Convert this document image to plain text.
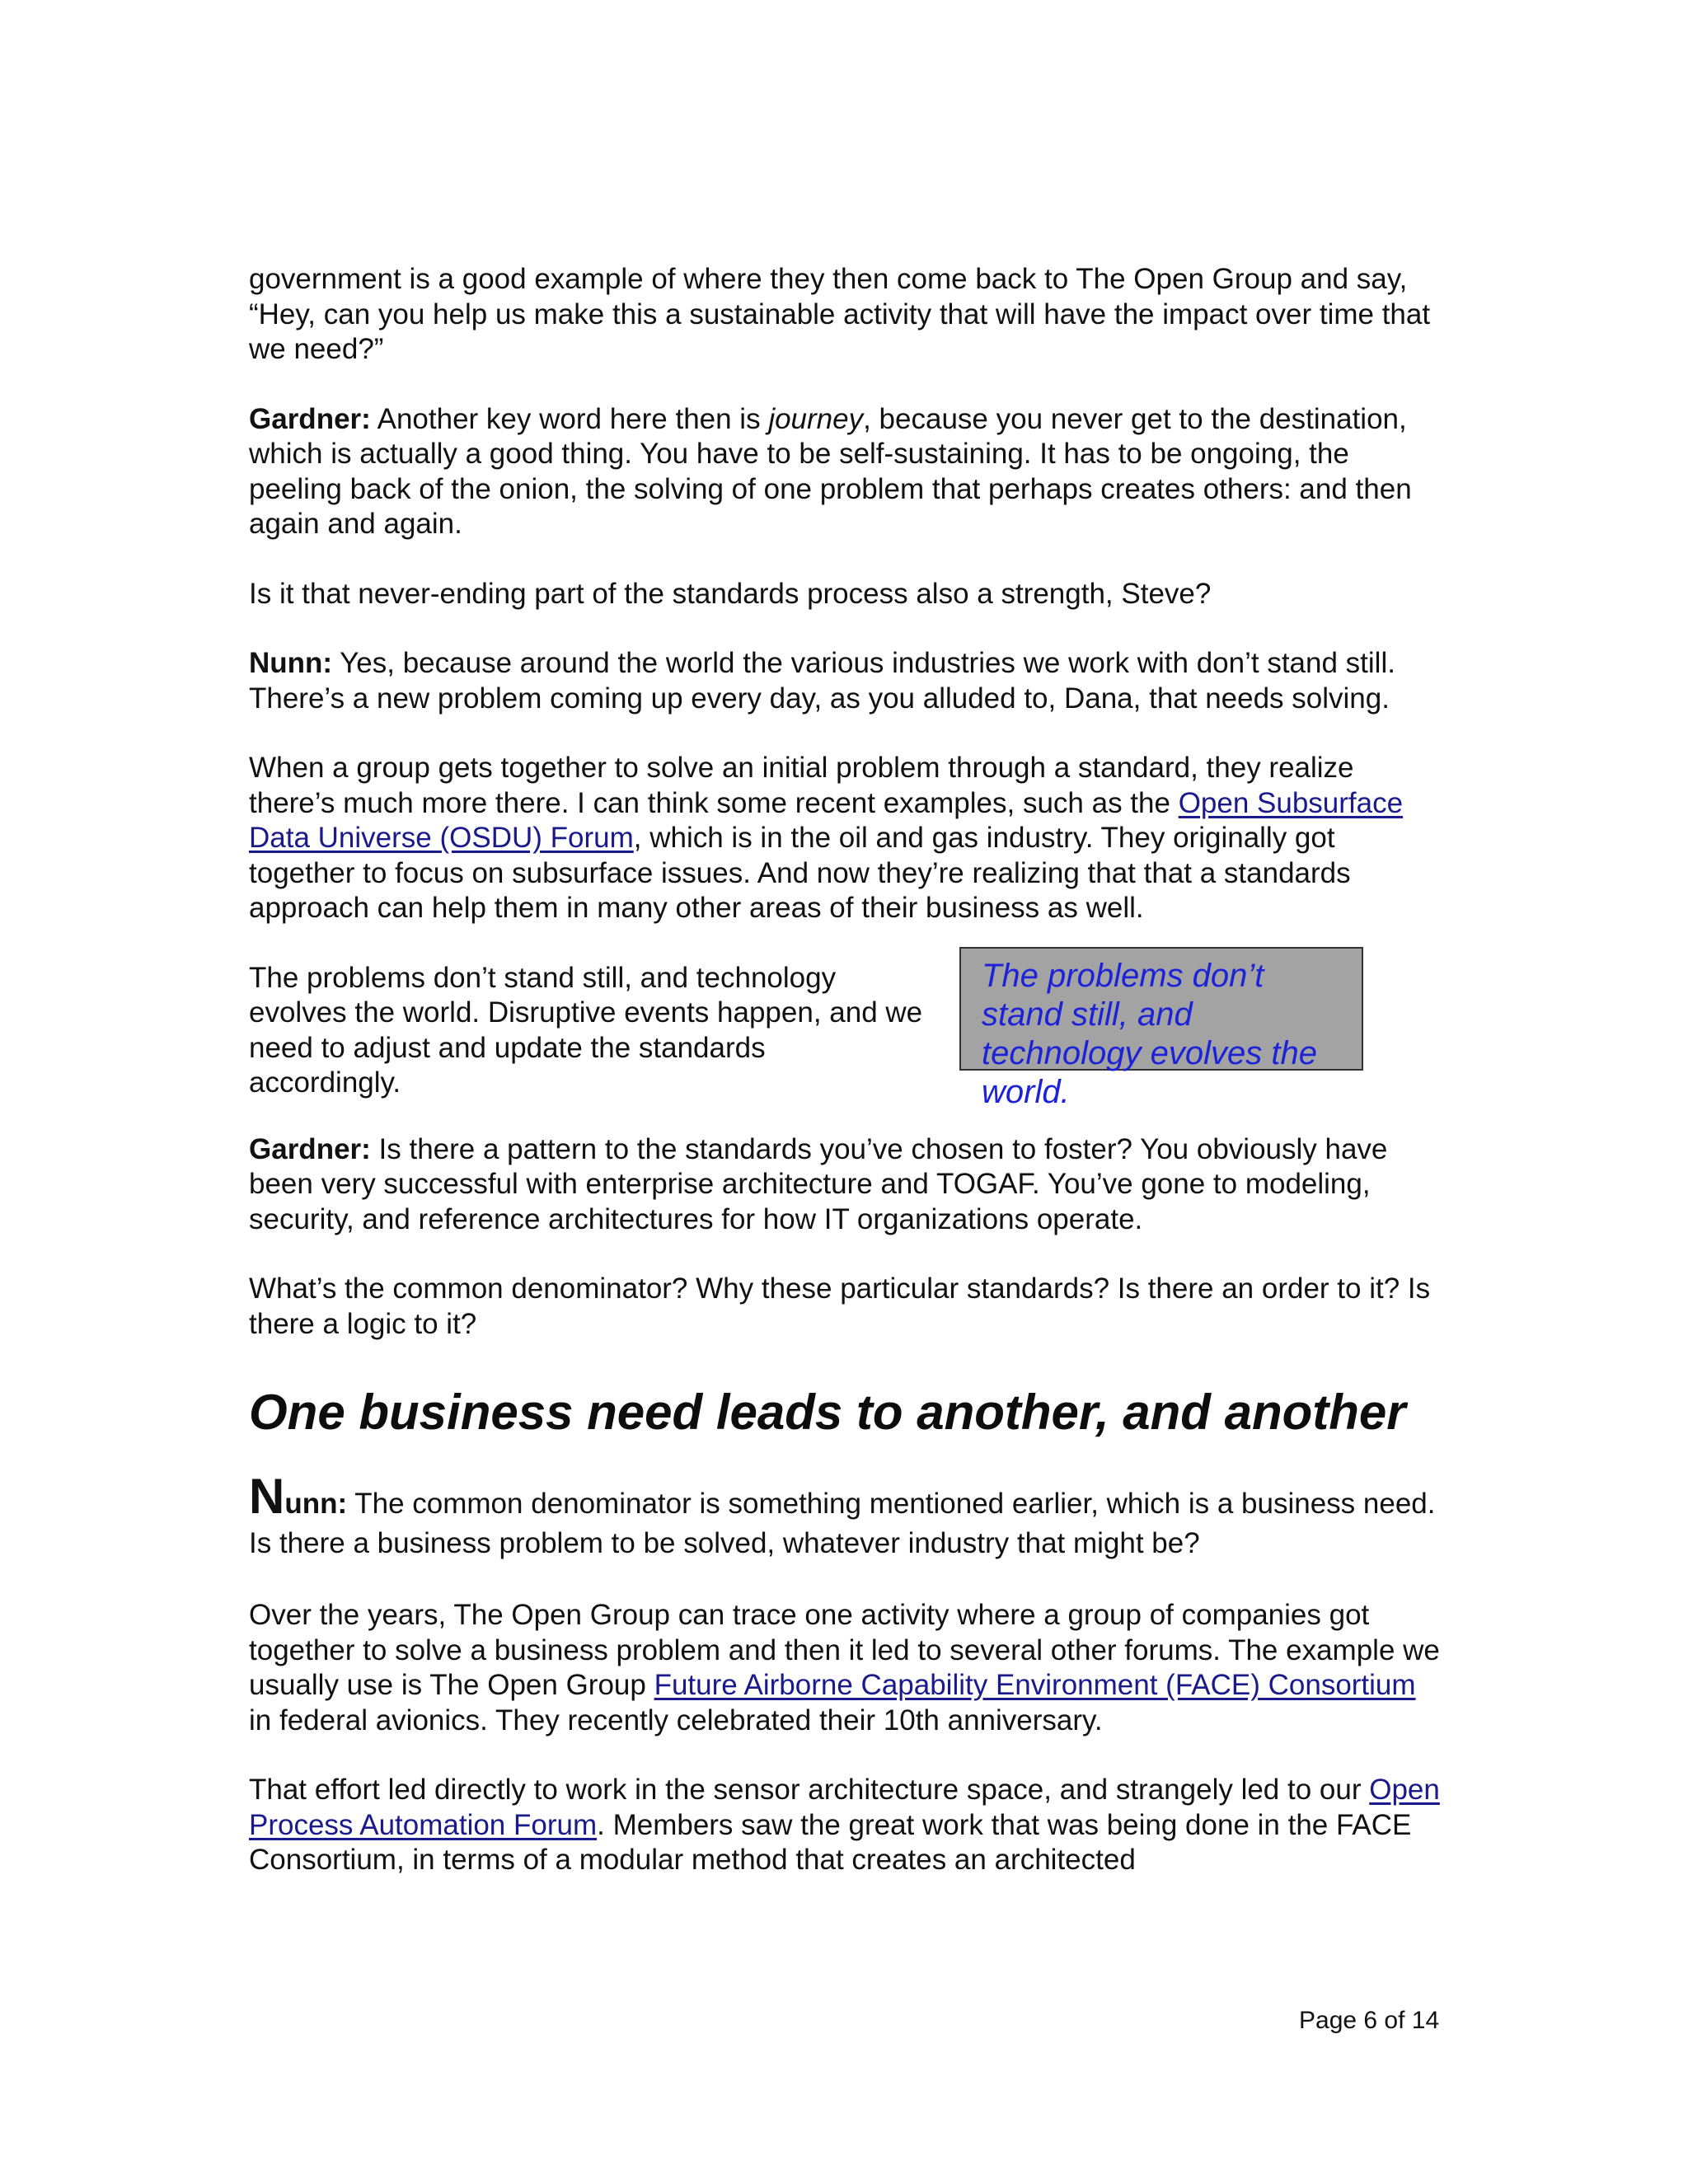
government is a good example of where they then come back to The Open Group and say, “Hey, can you help us make this a sustainable activity that will have the impact over time that we need?”

Gardner: Another key word here then is journey, because you never get to the destination, which is actually a good thing. You have to be self-sustaining. It has to be ongoing, the peeling back of the onion, the solving of one problem that perhaps creates others: and then again and again.

Is it that never-ending part of the standards process also a strength, Steve?

Nunn: Yes, because around the world the various industries we work with don’t stand still. There’s a new problem coming up every day, as you alluded to, Dana, that needs solving.

When a group gets together to solve an initial problem through a standard, they realize there’s much more there. I can think some recent examples, such as the Open Subsurface Data Universe (OSDU) Forum, which is in the oil and gas industry. They originally got together to focus on subsurface issues. And now they’re realizing that that a standards approach can help them in many other areas of their business as well.

The problems don’t stand still, and technology evolves the world. Disruptive events happen, and we need to adjust and update the standards accordingly.

The problems don’t stand still, and technology evolves the world.

Gardner: Is there a pattern to the standards you’ve chosen to foster? You obviously have been very successful with enterprise architecture and TOGAF. You’ve gone to modeling, security, and reference architectures for how IT organizations operate.

What’s the common denominator? Why these particular standards? Is there an order to it? Is there a logic to it?

One business need leads to another, and another

Nunn: The common denominator is something mentioned earlier, which is a business need. Is there a business problem to be solved, whatever industry that might be?

Over the years, The Open Group can trace one activity where a group of companies got together to solve a business problem and then it led to several other forums. The example we usually use is The Open Group Future Airborne Capability Environment (FACE) Consortium in federal avionics. They recently celebrated their 10th anniversary.

That effort led directly to work in the sensor architecture space, and strangely led to our Open Process Automation Forum. Members saw the great work that was being done in the FACE Consortium, in terms of a modular method that creates an architected

Page 6 of 14
